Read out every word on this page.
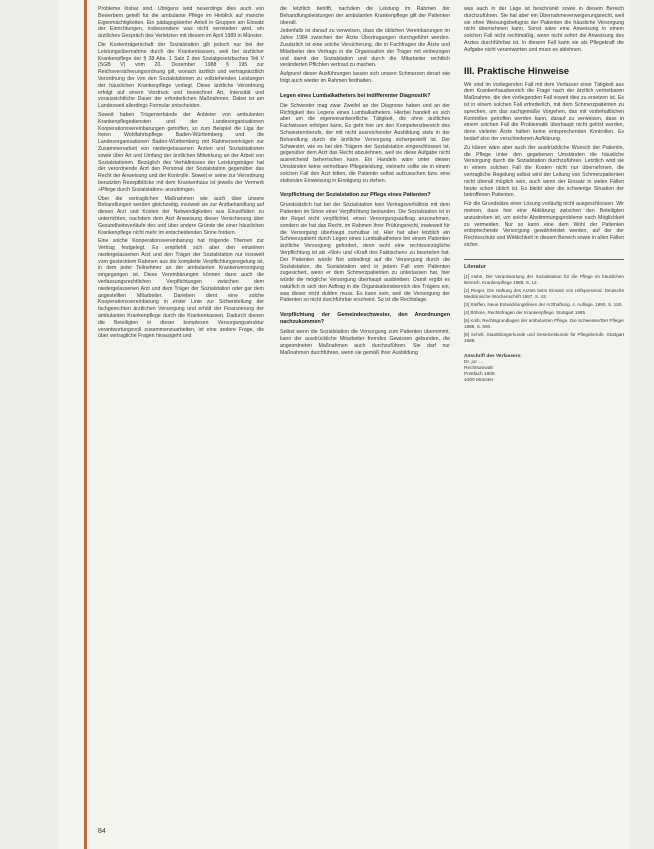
Probleme lösbar sind. Übrigens wird neuerdings dies auch von Bewerbern geteilt für die ambulante Pflege im Hinblick auf manche Eigenmächtigkeiten. Ein pädagogisierter Anteil in Gruppen am Einsatz der Einrichtungen, insbesondere was nicht vermieden wird, ein ärztliches Gespräch des Verletzten mit diesem im April 1989 in Münster.

Die Kostenträgerschaft der Sozialstation gilt jedoch nur bei der Leistungsübernahme durch die Krankenkassen, weil bei ärztlicher Krankenpflege der § 38 Abs. 1 Satz 2 des Sozialgesetzbuches Teil V (SGB V) vom 20. Dezember 1988 § 195 zur Reichsversicherungsordnung gilt, wonach ärztlich und vertragsärztlich Verordnung der von den Sozialstationen zu vollziehenden Leistungen der häuslichen Krankenpflege vorliegt. Diese ärztliche Verordnung erfolgt auf einem Vordruck und bezeichnet Art, Intensität und voraussichtliche Dauer der erforderlichen Maßnahmen. Dabei ist am Landesweit allerdings Formular entscheiden.

Soweit haben Trägerverbände der Anbieter von ambulanten Krankenpflegediensten und der Landesorganisationen Kooperationsvereinbarungen getroffen, so zum Beispiel die Liga der freien Wohlfahrtspflege Baden-Württemberg und die Landesorganisationen Baden-Württemberg mit Rahmenverträgen zur Zusammenarbeit von niedergelassenen Ärzten und Sozialstationen sowie über Art und Umfang der ärztlichen Mitwirkung an der Arbeit von Sozialstationen. Bezüglich des Verhältnisses der Leistungsträger hat der verordnende Arzt den Personal der Sozialstation gegenüber das Recht der Anweisung und der Kontrolle. Soweit er seine zur Verordnung benutzten Rezeptblöcke mit dem Krankenhaus ist jeweils der Vermerk »Pflege durch Sozialstation« anzubringen.

Über die vertraglichen Maßnahmen wie auch über unsere Behandlungen werden gleichzeitig, insoweit sie zur Arztbehandlung auf diesen Arzt und Kosten der Notwendigkeiten aus Einzelfällen zu unterrichten, nachdem dem Arzt Anweisung dieser Versicherung über Gesundheitsverläufe des und über andere Gründe die einer häuslichen Krankenpflege nicht mehr im entscheidenden Sinne fordern.

Eine solche Kooperationsvereinbarung hat folgende Themen zur Vertrag festgelegt. Es empfiehlt sich aber den einzelnen niedergelassenen Arzt und den Träger der Sozialstation nur insoweit vom gestecktem Rahmen aus die komplette Verpflichtungsregelung ist, in dem jeder Teilnehmer an der ambulanten Krankenversorgung eingegangen ist. Diese Vereinbarungen können dann auch die verfassungsrechtlichen Verpflichtungen zwischen dem niedergelassenen Arzt und dem Träger der Sozialstation oder gar dem angestellten Mitarbeiter. Daneben dient eine solche Kooperationsvereinbarung in erster Linie zur Sicherstellung der fachgerechten ärztlichen Versorgung und erhält der Finanzierung der ambulanten Krankenpflege durch die Krankenkassen. Dadurch dienen die Beteiligten in dieser komplexen Versorgungsstruktur verantwortungsvoll zusammenzuarbeiten, ist eine andere Frage, die über vertragliche Fragen hinausgeht und

die letztlich betrifft, nachdem die Leistung im Rahmen der Behandlungsleistungen der ambulanten Krankenpflege gilt der Patienten überall.

Jedenfalls ist darauf zu verweisen, dass die üblichen Vereinbarungen im Jahre 1984 zwischen der Arzte Übertragungen durchgeführt werden. Zusätzlich ist eine solche Versicherung, die in Fachfragen die Ärzte und Mitarbeiter des Vertrags in die Organisation der Träger mit einbezogen und damit der Sozialstation und durch die Mitarbeiter rechtlich veränderten Pflichten vertraut zu machen.

Aufgrund dieser Ausführungen lassen sich unsere Schmerzen derart wie folgt auch wieder im Rahmen festhalten.

Legen eines Lumbalkatheters bei indifferenter Diagnostik?

Die Schwester mag zwar Zweifel an der Diagnose haben und an der Richtigkeit des Legens eines Lumbalkatheters. Hierbei handelt es sich aber um die eigenverantwortliche Tätigkeit, die ohne ärztliches Fachwissen erfolgen kann. Es geht hier um den Kompetenzbereich des Schwesternberufs, der mit nicht ausreichender Ausbildung stets in der Behandlung durch die ärztliche Versorgung sichergestellt ist. Der Schwester, wie es bei den Trägern der Sozialstation eingeschlossen ist, gegenüber dem Arzt das Recht abzulehnen, weil sie diese Aufgabe nicht ausreichend beherrschen kann. Ein Handeln wäre unter diesen Umständen keine vertretbare Pflegeleistung, vielmehr sollte sie in einem solchen Fall den Arzt bitten, die Patientin selbst aufzusuchen bzw. eine stationäre Einweisung in Erwägung zu ziehen.

Verpflichtung der Sozialstation zur Pflege eines Patienten?

Grundsätzlich hat bei der Sozialstation kein Vertragsverhältnis mit dem Patienten im Sinne einer Verpflichtung bestanden. Die Sozialstation ist in der Regel nicht verpflichtet, einen Versorgungsauftrag anzunehmen, sondern sie hat das Recht, im Rahmen ihrer Prüfungsrecht, inwieweit für die Versorgung überhaupt zumutbar ist. Hier hat aber letztlich ein Schmerzpatient durch Legen eines Lumbalkatheters bei einem Patienten ärztliche Versorgung gefordert, denn wohl eine rechtsvorzügliche Verpflichtung ist als »Not« und »Kraft des Faktischen« zu beurteilen hat. Der Patienten würde Not unbedingt auf die Versorgung durch die Sozialstation, die Sozialstation wird in jedem Fall vom Patienten zugesichert, wenn er dem Schmerzpatienten zu unterlassen hat, hier würde die mögliche Versorgung überhaupt ausbleiben. Damit ergibt es natürlich in sich den Auftrag in die Organisationsbereich des Trägers ein, was dieser nicht dulden muss. Es kann sein, weil die Versorgung der Patienten so nicht durchführbar erscheint. So ist die Rechtslage.

Verpflichtung der Gemeindeschwester, den Anordnungen nachzukommen?

Selbst wenn die Sozialstation die Versorgung zum Patienten übernimmt, kann der ausdrückliche Mitarbeiter fremdes Gewissen gebunden, die angeordneten Maßnahmen auch durchzuführen. Sie darf nur Maßnahmen durchführen, wenn sie gemäß ihrer Ausbildung

was auch in der Lage ist beschränkt sowie in diesem Bereich durchzuführen. Sie hat aber ein Übernahmeverweigerungsrecht, weil sie ohne Weisungsbefugnis der Patienten die häusliche Versorgung nicht übernehmen kann. Sonst wäre eine Anweisung in einem solchen Fall nicht rechtmäßig, wenn nicht sofort die Anweisung des Arztes durchführbar ist. In diesem Fall kann sie als Pflegekraft die Aufgabe nicht verantworten und muss es ablehnen.

III. Praktische Hinweise

Wir sind im vorliegenden Fall mit dem Verfasser einer Tätigkeit aus dem Krankenhausbereich die Frage nach der ärztlich vertretbaren Maßnahme, die den vorliegenden Fall soweit dies zu ersetzen ist. Es ist in einem solchen Fall erforderlich, mit dem Schmerzpatienten zu sprechen, um das sachgemäße Vorgehen, das mit vorbehaltlichen Kontrollen getroffen werden kann, darauf zu verweisen, dass in einem solchen Fall die Problematik überhaupt nicht gelöst werden, denn vielerlei Ärzte halten keine entsprechenden Kontrollen. Es bedarf also der verschiedenen Aufklärung.

Zu klären wäre aber auch der ausdrückliche Wunsch der Patientin, die Pflege unter den gegebenen Umständen die häusliche Versorgung durch die Sozialstation durchzuführen. Letztlich wird sie in einem solchen Fall die Kosten nicht nur übernehmen, die vertragliche Regelung selbst wird der Leitung von Schmerzpatienten nicht überall möglich sein, auch wenn der Einsatz in vielen Fällen heute schon üblich ist. Es bleibt aber die schwierige Situation der betroffenen Patienten.

Für die Grundsätze einer Lösung vorläufig nicht ausgeschlossen. Wir meinen, dass hier eine Abklärung zwischen den Beteiligten anzustreben ist, um solche Abstimmungsprobleme nach Möglichkeit zu vermeiden. Nur so kann eine dem Wohl der Patienten entsprechende Versorgung gewährleistet werden, auf der der Rechtsschutz und Wirklichkeit in diesem Bereich sowie in allen Fällen sicher.

Literatur

[1] Hahn, Die Verantwortung der Sozialstation für die Pflege im häuslichen Bereich. Krankenpflege 1988, S. 12.

[2] Rieger, Die Haftung des Arztes beim Einsatz von Hilfspersonal. Deutsche Medizinische Wochenschrift 1987, S. 43.

[3] Steffen, Neue Entwicklungslinien der Arzthaftung. 4. Auflage, 1990, S. 120.

[4] Böhme, Rechtsfragen der Krankenpflege. Stuttgart 1985.

[5] Kolb, Rechtsgrundlagen der ambulanten Pflege. Die Schwester/Der Pfleger 1988, S. 560.

[6] Schell, Staatsbürgerkunde und Gesetzeskunde für Pflegeberufe. Stuttgart 1989.

Anschrift des Verfassers:
Dr. jur. ...
Rechtsanwalt
Postfach 1808
4400 Münster
84
